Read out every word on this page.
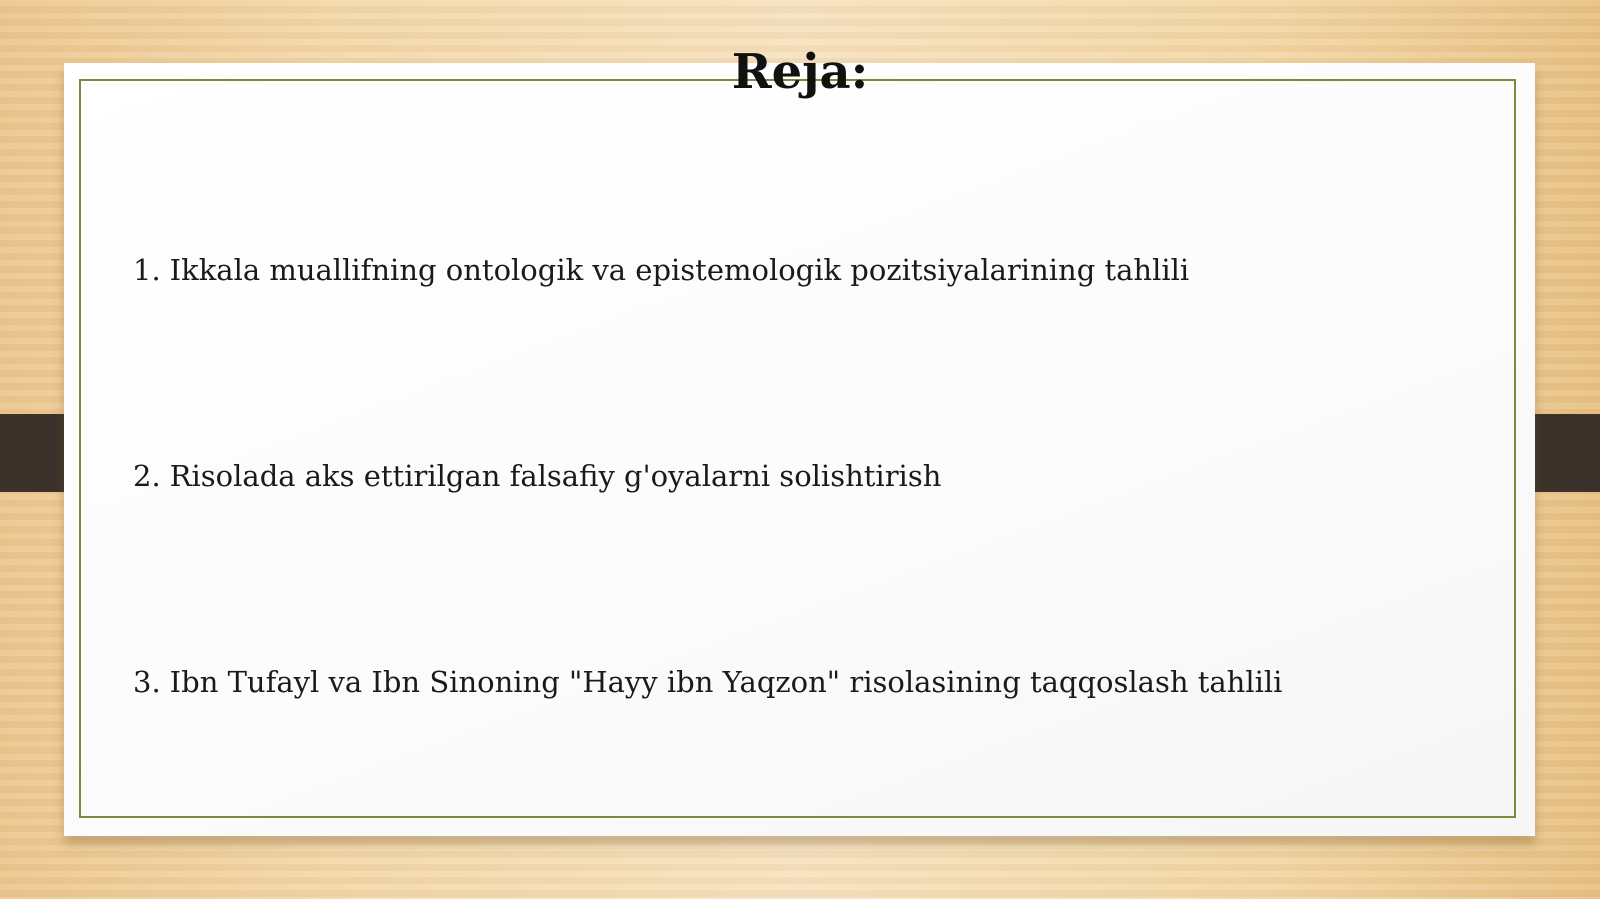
Reja:

1. Ikkala muallifning ontologik va epistemologik pozitsiyalarining tahlili

2. Risolada aks ettirilgan falsafiy g'oyalarni solishtirish

3. Ibn Tufayl va Ibn Sinoning "Hayy ibn Yaqzon" risolasining taqqoslash tahlili
